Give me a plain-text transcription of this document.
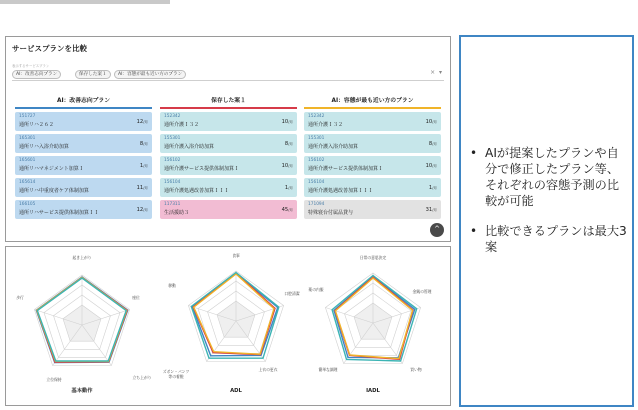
サービスプランを比較
表示するサービスプラン
AI：改善志向プラン	保存した案１	AI：容態が最も近い方のプラン	× ▾
AI：改善志向プラン
151727
通所リハ２６２	12/月
165301
通所リハ入浴介助加算	8/月
165601
通所リハマネジメント加算Ｉ	1/月
165614
通所リハ中重度者ケア体制加算	11/月
166105
通所リハサービス提供体制加算ＩＩ	12/月
保存した案１
152342
通所介護Ｉ３２	10/月
155301
通所介護入浴介助加算	8/月
156102
通所介護サービス提供体制加算Ｉ	10/月
156104
通所介護処遇改善加算ＩＩＩ	1/月
117311
生活援助３	45/月
AI：容態が最も近い方のプラン
152342
通所介護Ｉ３２	10/月
155301
通所介護入浴介助加算	8/月
156102
通所介護サービス提供体制加算Ｉ	10/月
156104
通所介護処遇改善加算ＩＩＩ	1/月
171094
特殊寝台付属品貸与	31/月
^
起き上がり
座位
立ち上がり
立位保持
歩行
基本動作
食事
口腔清潔
上衣の更衣
ズボン・パンツ等の着脱
移動
ADL
日常の意思決定
金銭の管理
買い物
簡単な調理
薬の内服
IADL
• AIが提案したプランや自分で修正したプラン等、それぞれの容態予測の比較が可能
• 比較できるプランは最大3案
